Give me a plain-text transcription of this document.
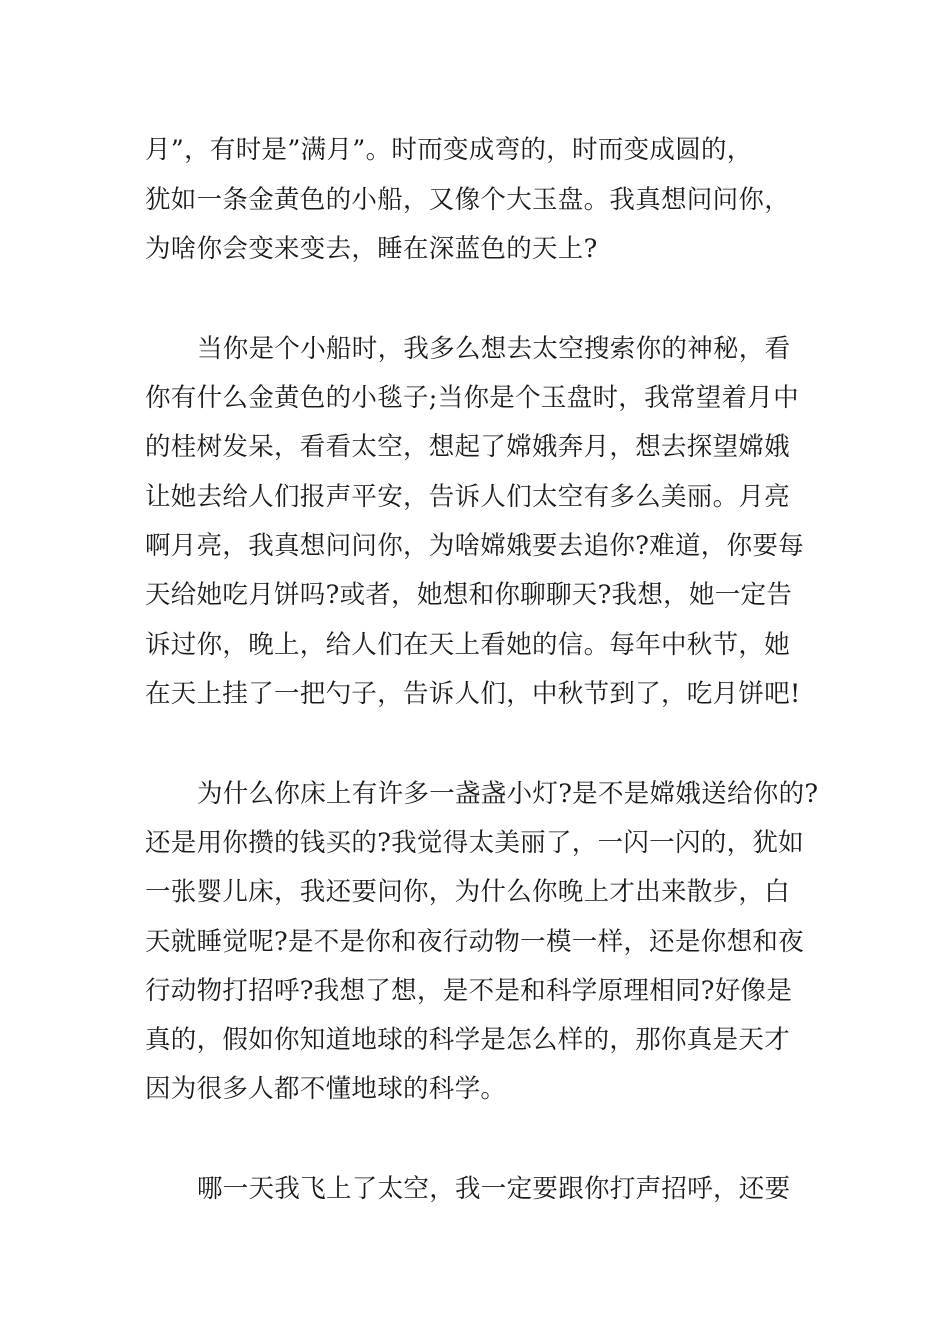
月”，有时是”满月”。时而变成弯的，时而变成圆的，

犹如一条金黄色的小船，又像个大玉盘。我真想问问你，

为啥你会变来变去，睡在深蓝色的天上?

当你是个小船时，我多么想去太空搜索你的神秘，看

你有什么金黄色的小毯子;当你是个玉盘时，我常望着月中

的桂树发呆，看看太空，想起了嫦娥奔月，想去探望嫦娥

让她去给人们报声平安，告诉人们太空有多么美丽。月亮

啊月亮，我真想问问你，为啥嫦娥要去追你?难道，你要每

天给她吃月饼吗?或者，她想和你聊聊天?我想，她一定告

诉过你，晚上，给人们在天上看她的信。每年中秋节，她

在天上挂了一把勺子，告诉人们，中秋节到了，吃月饼吧!

为什么你床上有许多一盏盏小灯?是不是嫦娥送给你的?

还是用你攒的钱买的?我觉得太美丽了，一闪一闪的，犹如

一张婴儿床，我还要问你，为什么你晚上才出来散步，白

天就睡觉呢?是不是你和夜行动物一模一样，还是你想和夜

行动物打招呼?我想了想，是不是和科学原理相同?好像是

真的，假如你知道地球的科学是怎么样的，那你真是天才

因为很多人都不懂地球的科学。

哪一天我飞上了太空，我一定要跟你打声招呼，还要
